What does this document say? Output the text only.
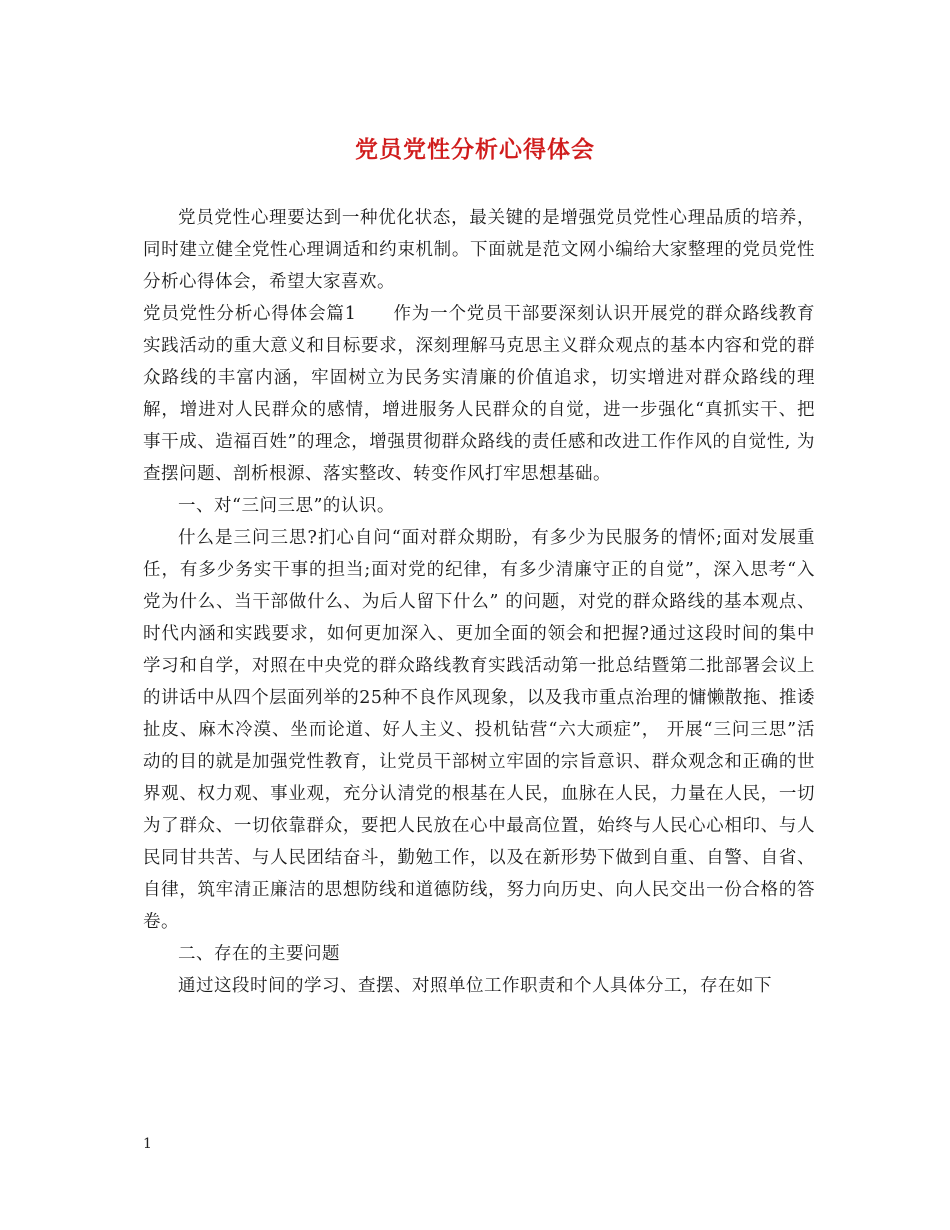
党员党性分析心得体会

党员党性心理要达到一种优化状态，最关键的是增强党员党性心理品质的培养，同时建立健全党性心理调适和约束机制。下面就是范文网小编给大家整理的党员党性分析心得体会，希望大家喜欢。

党员党性分析心得体会篇1　　作为一个党员干部要深刻认识开展党的群众路线教育实践活动的重大意义和目标要求，深刻理解马克思主义群众观点的基本内容和党的群众路线的丰富内涵，牢固树立为民务实清廉的价值追求，切实增进对群众路线的理解，增进对人民群众的感情，增进服务人民群众的自觉，进一步强化“真抓实干、把事干成、造福百姓”的理念，增强贯彻群众路线的责任感和改进工作作风的自觉性, 为查摆问题、剖析根源、落实整改、转变作风打牢思想基础。

一、对“三问三思”的认识。

什么是三问三思?扪心自问“面对群众期盼，有多少为民服务的情怀;面对发展重任，有多少务实干事的担当;面对党的纪律，有多少清廉守正的自觉”，深入思考“入党为什么、当干部做什么、为后人留下什么” 的问题，对党的群众路线的基本观点、时代内涵和实践要求，如何更加深入、更加全面的领会和把握?通过这段时间的集中学习和自学，对照在中央党的群众路线教育实践活动第一批总结暨第二批部署会议上的讲话中从四个层面列举的25种不良作风现象，以及我市重点治理的慵懒散拖、推诿扯皮、麻木冷漠、坐而论道、好人主义、投机钻营“六大顽症”， 开展“三问三思”活动的目的就是加强党性教育，让党员干部树立牢固的宗旨意识、群众观念和正确的世界观、权力观、事业观，充分认清党的根基在人民，血脉在人民，力量在人民，一切为了群众、一切依靠群众，要把人民放在心中最高位置，始终与人民心心相印、与人民同甘共苦、与人民团结奋斗，勤勉工作，以及在新形势下做到自重、自警、自省、自律，筑牢清正廉洁的思想防线和道德防线，努力向历史、向人民交出一份合格的答卷。

二、存在的主要问题

通过这段时间的学习、查摆、对照单位工作职责和个人具体分工，存在如下

1
